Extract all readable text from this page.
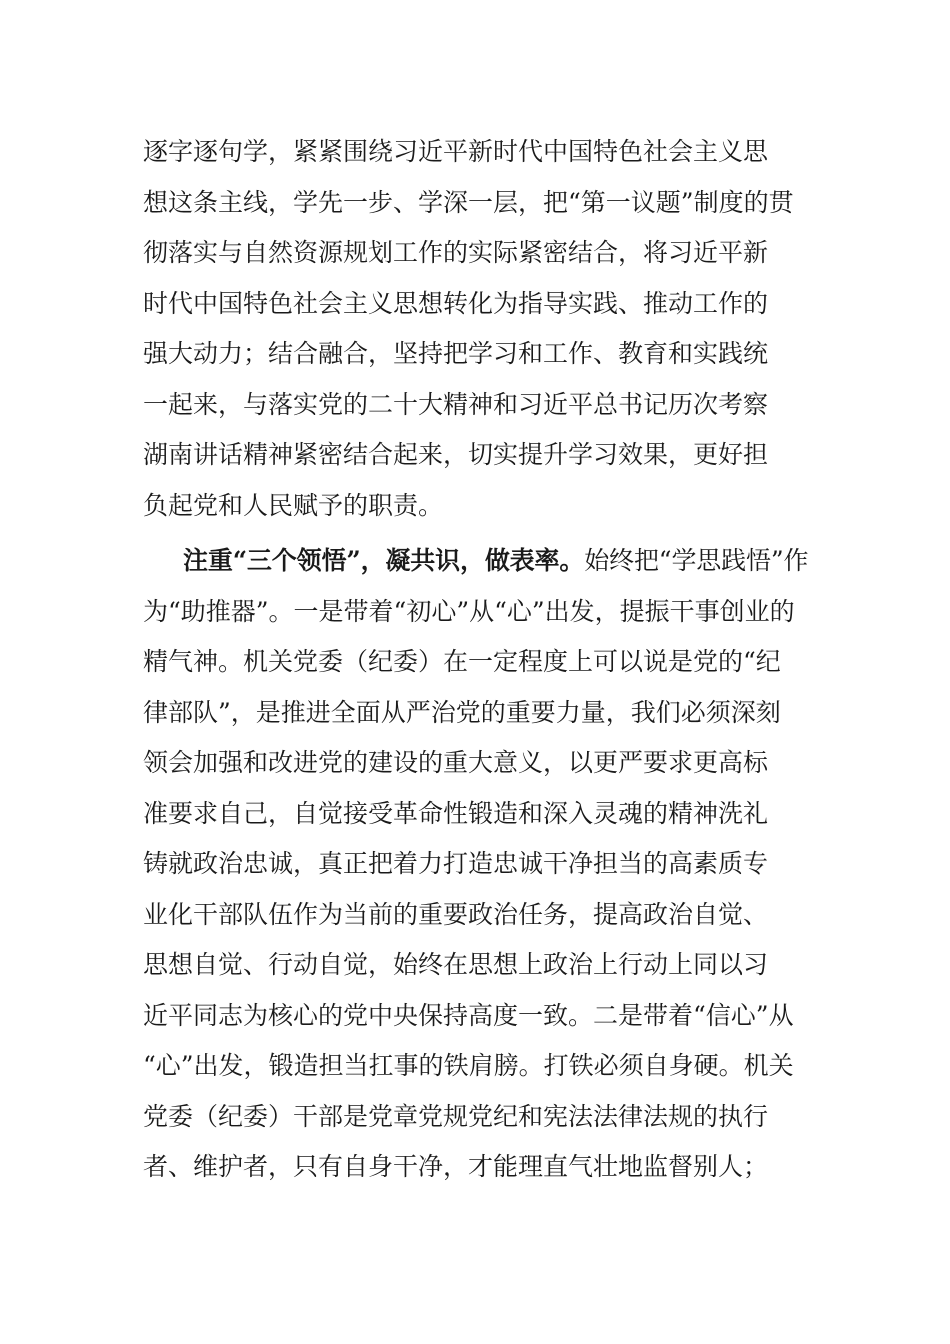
逐字逐句学，紧紧围绕习近平新时代中国特色社会主义思
想这条主线，学先一步、学深一层，把“第一议题”制度的贯
彻落实与自然资源规划工作的实际紧密结合，将习近平新
时代中国特色社会主义思想转化为指导实践、推动工作的
强大动力；结合融合，坚持把学习和工作、教育和实践统
一起来，与落实党的二十大精神和习近平总书记历次考察
湖南讲话精神紧密结合起来，切实提升学习效果，更好担
负起党和人民赋予的职责。
注重“三个领悟”，凝共识，做表率。始终把“学思践悟”作
为“助推器”。一是带着“初心”从“心”出发，提振干事创业的
精气神。机关党委（纪委）在一定程度上可以说是党的“纪
律部队”，是推进全面从严治党的重要力量，我们必须深刻
领会加强和改进党的建设的重大意义，以更严要求更高标
准要求自己，自觉接受革命性锻造和深入灵魂的精神洗礼
铸就政治忠诚，真正把着力打造忠诚干净担当的高素质专
业化干部队伍作为当前的重要政治任务，提高政治自觉、
思想自觉、行动自觉，始终在思想上政治上行动上同以习
近平同志为核心的党中央保持高度一致。二是带着“信心”从
“心”出发，锻造担当扛事的铁肩膀。打铁必须自身硬。机关
党委（纪委）干部是党章党规党纪和宪法法律法规的执行
者、维护者，只有自身干净，才能理直气壮地监督别人；
